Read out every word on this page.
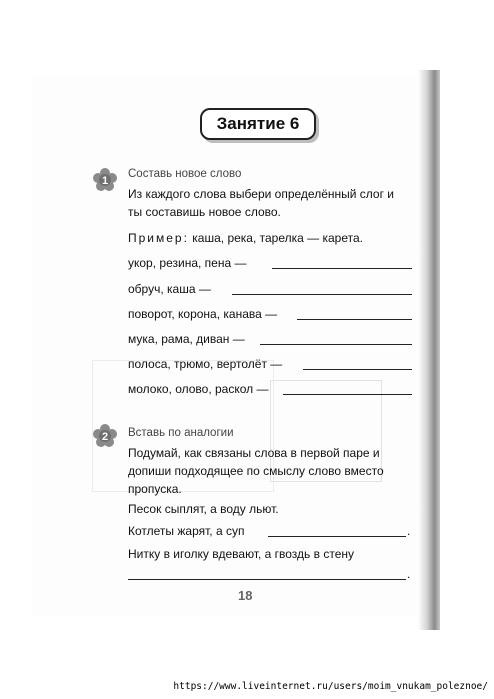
Занятие 6
1
Составь новое слово
Из каждого слова выбери определённый слог и
ты составишь новое слово.
Пример: каша, река, тарелка — карета.
укор, резина, пена —
обруч, каша —
поворот, корона, канава —
мука, рама, диван —
полоса, трюмо, вертолёт —
молоко, олово, раскол —
2 Вставь по аналогии
Подумай, как связаны слова в первой паре и
допиши подходящее по смыслу слово вместо
пропуска.
Песок сыплят, а воду льют.
Котлеты жарят, а суп	.
Нитку в иголку вдевают, а гвоздь в стену
.
18
https://www.liveinternet.ru/users/moim_vnukam_poleznoe/
